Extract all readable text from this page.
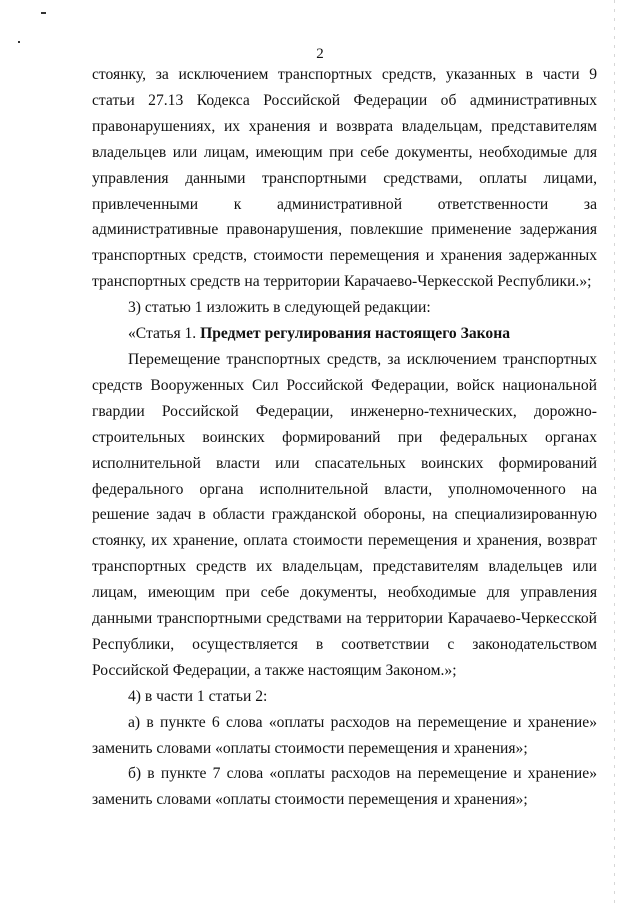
2

стоянку, за исключением транспортных средств, указанных в части 9 статьи 27.13 Кодекса Российской Федерации об административных правонарушениях, их хранения и возврата владельцам, представителям владельцев или лицам, имеющим при себе документы, необходимые для управления данными транспортными средствами, оплаты лицами, привлеченными к административной ответственности за административные правонарушения, повлекшие применение задержания транспортных средств, стоимости перемещения и хранения задержанных транспортных средств на территории Карачаево-Черкесской Республики.»;

3) статью 1 изложить в следующей редакции:

«Статья 1. Предмет регулирования настоящего Закона

Перемещение транспортных средств, за исключением транспортных средств Вооруженных Сил Российской Федерации, войск национальной гвардии Российской Федерации, инженерно-технических, дорожно-строительных воинских формирований при федеральных органах исполнительной власти или спасательных воинских формирований федерального органа исполнительной власти, уполномоченного на решение задач в области гражданской обороны, на специализированную стоянку, их хранение, оплата стоимости перемещения и хранения, возврат транспортных средств их владельцам, представителям владельцев или лицам, имеющим при себе документы, необходимые для управления данными транспортными средствами на территории Карачаево-Черкесской Республики, осуществляется в соответствии с законодательством Российской Федерации, а также настоящим Законом.»;

4) в части 1 статьи 2:

а) в пункте 6 слова «оплаты расходов на перемещение и хранение» заменить словами «оплаты стоимости перемещения и хранения»;

б) в пункте 7 слова «оплаты расходов на перемещение и хранение» заменить словами «оплаты стоимости перемещения и хранения»;
